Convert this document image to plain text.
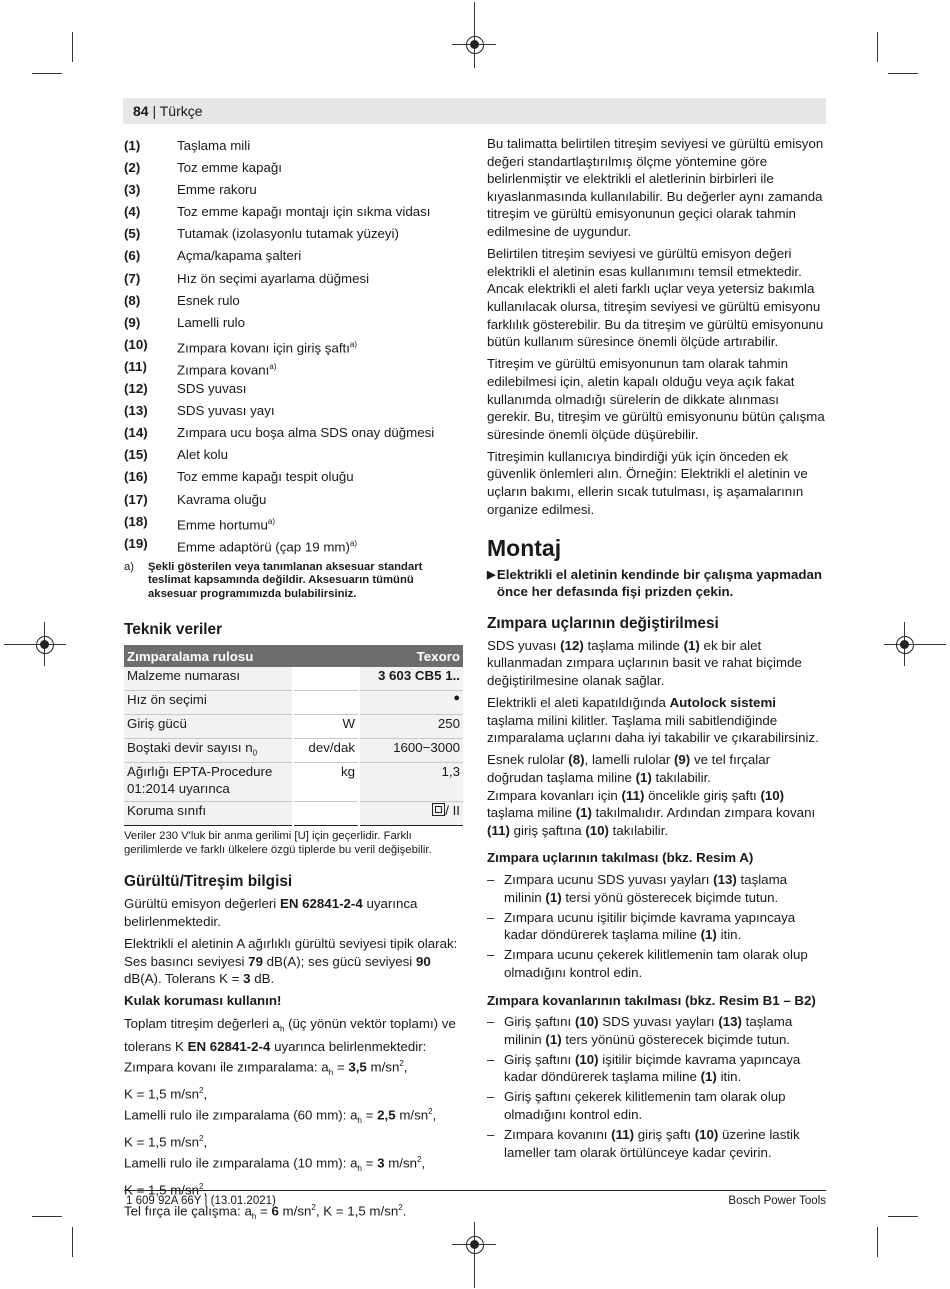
84 | Türkçe
(1)	Taşlama mili
(2)	Toz emme kapağı
(3)	Emme rakoru
(4)	Toz emme kapağı montajı için sıkma vidası
(5)	Tutamak (izolasyonlu tutamak yüzeyi)
(6)	Açma/kapama şalteri
(7)	Hız ön seçimi ayarlama düğmesi
(8)	Esnek rulo
(9)	Lamelli rulo
(10)	Zımpara kovanı için giriş şaftı$^{a)}$
(11)	Zımpara kovanı$^{a)}$
(12)	SDS yuvası
(13)	SDS yuvası yayı
(14)	Zımpara ucu boşa alma SDS onay düğmesi
(15)	Alet kolu
(16)	Toz emme kapağı tespit oluğu
(17)	Kavrama oluğu
(18)	Emme hortumu$^{a)}$
(19)	Emme adaptörü (çap 19 mm)$^{a)}$
a)	Şekli gösterilen veya tanımlanan aksesuar standart teslimat kapsamında değildir. Aksesuarın tümünü aksesuar programımızda bulabilirsiniz.
Teknik veriler
Zımparalama rulosu		Texoro
Malzeme numarası		3 603 CB5 1..
Hız ön seçimi		●
Giriş gücü	W	250
Boştaki devir sayısı $n_0$	dev/dak	1600−3000
Ağırlığı EPTA-Procedure 01:2014 uyarınca	kg	1,3
Koruma sınıfı		/ II
Veriler 230 V'luk bir anma gerilimi [U] için geçerlidir. Farklı gerilimlerde ve farklı ülkelere özgü tiplerde bu veril değişebilir.
Gürültü/Titreşim bilgisi

Gürültü emisyon değerleri EN 62841-2-4 uyarınca belirlenmektedir.

Elektrikli el aletinin A ağırlıklı gürültü seviyesi tipik olarak: Ses basıncı seviyesi 79 dB(A); ses gücü seviyesi 90 dB(A). Tolerans K = 3 dB.

Kulak koruması kullanın!

Toplam titreşim değerleri $a_h$ (üç yönün vektör toplamı) ve tolerans K EN 62841-2-4 uyarınca belirlenmektedir:
Zımpara kovanı ile zımparalama: $a_h = 3,5$ $m/sn^2$,
K = 1,5 $m/sn^2$,
Lamelli rulo ile zımparalama (60 mm): $a_h = 2,5$ $m/sn^2$,
K = 1,5 $m/sn^2$,
Lamelli rulo ile zımparalama (10 mm): $a_h = 3$ $m/sn^2$,
K = 1,5 $m/sn^2$,
Tel fırça ile çalışma: $a_h = 6$ $m/sn^2$, K = 1,5 $m/sn^2$.

Bu talimatta belirtilen titreşim seviyesi ve gürültü emisyon değeri standartlaştırılmış ölçme yöntemine göre belirlenmiştir ve elektrikli el aletlerinin birbirleri ile kıyaslanmasında kullanılabilir. Bu değerler aynı zamanda titreşim ve gürültü emisyonunun geçici olarak tahmin edilmesine de uygundur.

Belirtilen titreşim seviyesi ve gürültü emisyon değeri elektrikli el aletinin esas kullanımını temsil etmektedir. Ancak elektrikli el aleti farklı uçlar veya yetersiz bakımla kullanılacak olursa, titreşim seviyesi ve gürültü emisyonu farklılık gösterebilir. Bu da titreşim ve gürültü emisyonunu bütün kullanım süresince önemli ölçüde artırabilir.

Titreşim ve gürültü emisyonunun tam olarak tahmin edilebilmesi için, aletin kapalı olduğu veya açık fakat kullanımda olmadığı sürelerin de dikkate alınması gerekir. Bu, titreşim ve gürültü emisyonunu bütün çalışma süresinde önemli ölçüde düşürebilir.

Titreşimin kullanıcıya bindirdiği yük için önceden ek güvenlik önlemleri alın. Örneğin: Elektrikli el aletinin ve uçların bakımı, ellerin sıcak tutulması, iş aşamalarının organize edilmesi.

Montaj
▶ Elektrikli el aletinin kendinde bir çalışma yapmadan önce her defasında fişi prizden çekin.
Zımpara uçlarının değiştirilmesi

SDS yuvası (12) taşlama milinde (1) ek bir alet kullanmadan zımpara uçlarının basit ve rahat biçimde değiştirilmesine olanak sağlar.

Elektrikli el aleti kapatıldığında Autolock sistemi taşlama milini kilitler. Taşlama mili sabitlendiğinde zımparalama uçlarını daha iyi takabilir ve çıkarabilirsiniz.

Esnek rulolar (8), lamelli rulolar (9) ve tel fırçalar doğrudan taşlama miline (1) takılabilir.

Zımpara kovanları için (11) öncelikle giriş şaftı (10) taşlama miline (1) takılmalıdır. Ardından zımpara kovanı (11) giriş şaftına (10) takılabilir.

Zımpara uçlarının takılması (bkz. Resim A)
– Zımpara ucunu SDS yuvası yayları (13) taşlama milinin (1) tersi yönü gösterecek biçimde tutun.
– Zımpara ucunu işitilir biçimde kavrama yapıncaya kadar döndürerek taşlama miline (1) itin.
– Zımpara ucunu çekerek kilitlemenin tam olarak olup olmadığını kontrol edin.
Zımpara kovanlarının takılması (bkz. Resim B1 – B2)
– Giriş şaftını (10) SDS yuvası yayları (13) taşlama milinin (1) ters yönünü gösterecek biçimde tutun.
– Giriş şaftını (10) işitilir biçimde kavrama yapıncaya kadar döndürerek taşlama miline (1) itin.
– Giriş şaftını çekerek kilitlemenin tam olarak olup olmadığını kontrol edin.
– Zımpara kovanını (11) giriş şaftı (10) üzerine lastik lameller tam olarak örtülünceye kadar çevirin.
1 609 92A 66Y | (13.01.2021)	Bosch Power Tools
